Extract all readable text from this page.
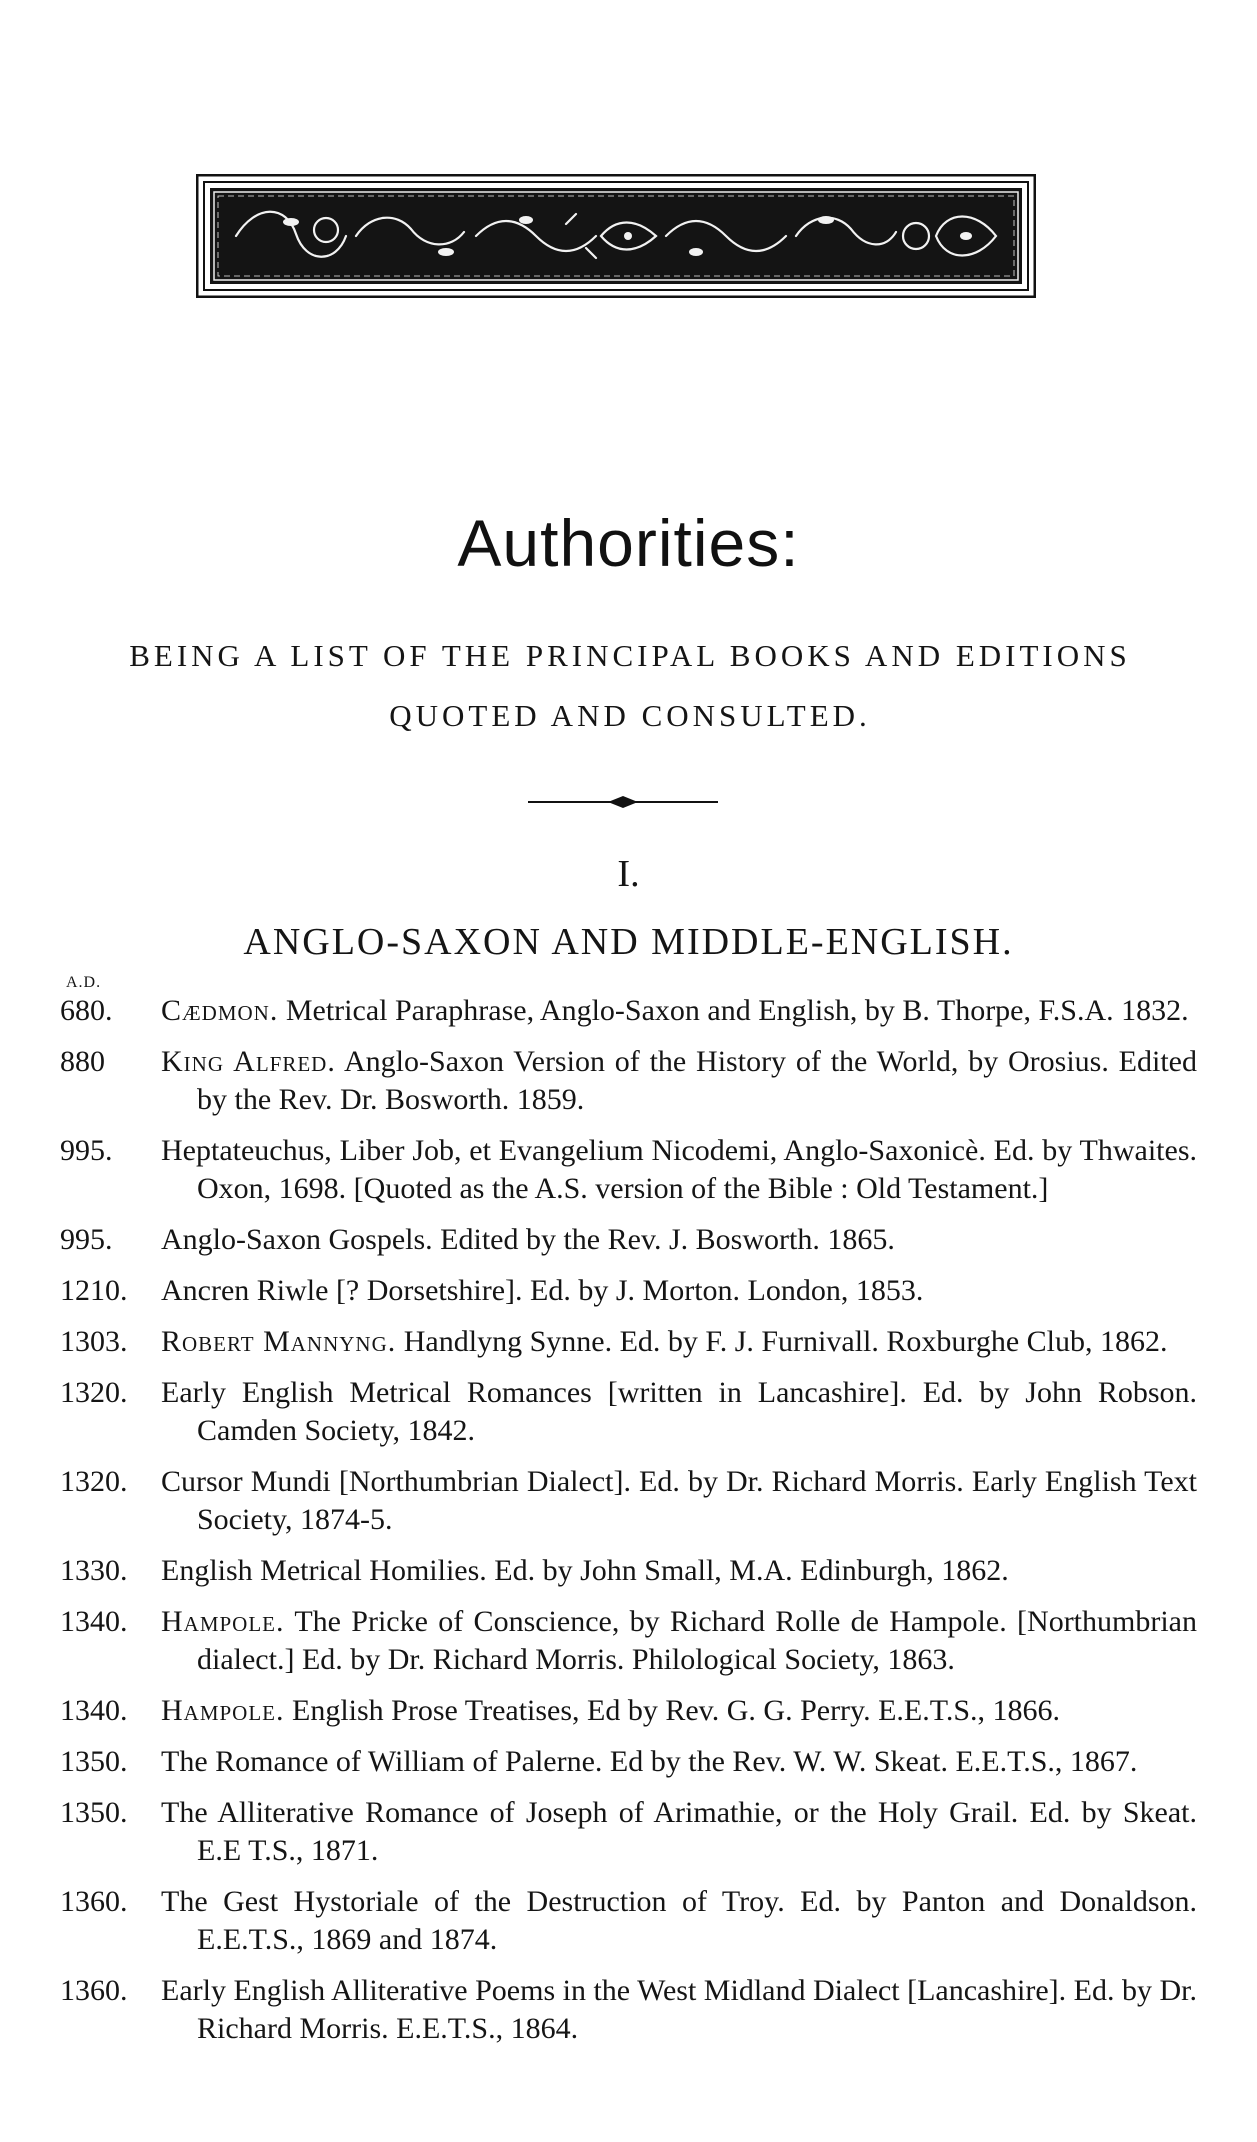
Authorities:
BEING A LIST OF THE PRINCIPAL BOOKS AND EDITIONS
QUOTED AND CONSULTED.
I.
ANGLO-SAXON AND MIDDLE-ENGLISH.
A.D.
680.	Cædmon. Metrical Paraphrase, Anglo-Saxon and English, by B. Thorpe, F.S.A. 1832.
880	King Alfred. Anglo-Saxon Version of the History of the World, by Orosius. Edited by the Rev. Dr. Bosworth. 1859.
995.	Heptateuchus, Liber Job, et Evangelium Nicodemi, Anglo-Saxonicè. Ed. by Thwaites. Oxon, 1698. [Quoted as the A.S. version of the Bible : Old Testament.]
995.	Anglo-Saxon Gospels. Edited by the Rev. J. Bosworth. 1865.
1210.	Ancren Riwle [? Dorsetshire]. Ed. by J. Morton. London, 1853.
1303.	Robert Mannyng. Handlyng Synne. Ed. by F. J. Furnivall. Roxburghe Club, 1862.
1320.	Early English Metrical Romances [written in Lancashire]. Ed. by John Robson. Camden Society, 1842.
1320.	Cursor Mundi [Northumbrian Dialect]. Ed. by Dr. Richard Morris. Early English Text Society, 1874-5.
1330.	English Metrical Homilies. Ed. by John Small, M.A. Edinburgh, 1862.
1340.	Hampole. The Pricke of Conscience, by Richard Rolle de Hampole. [Northumbrian dialect.] Ed. by Dr. Richard Morris. Philological Society, 1863.
1340.	Hampole. English Prose Treatises, Ed by Rev. G. G. Perry. E.E.T.S., 1866.
1350.	The Romance of William of Palerne. Ed by the Rev. W. W. Skeat. E.E.T.S., 1867.
1350.	The Alliterative Romance of Joseph of Arimathie, or the Holy Grail. Ed. by Skeat. E.E T.S., 1871.
1360.	The Gest Hystoriale of the Destruction of Troy. Ed. by Panton and Donaldson. E.E.T.S., 1869 and 1874.
1360.	Early English Alliterative Poems in the West Midland Dialect [Lancashire]. Ed. by Dr. Richard Morris. E.E.T.S., 1864.
